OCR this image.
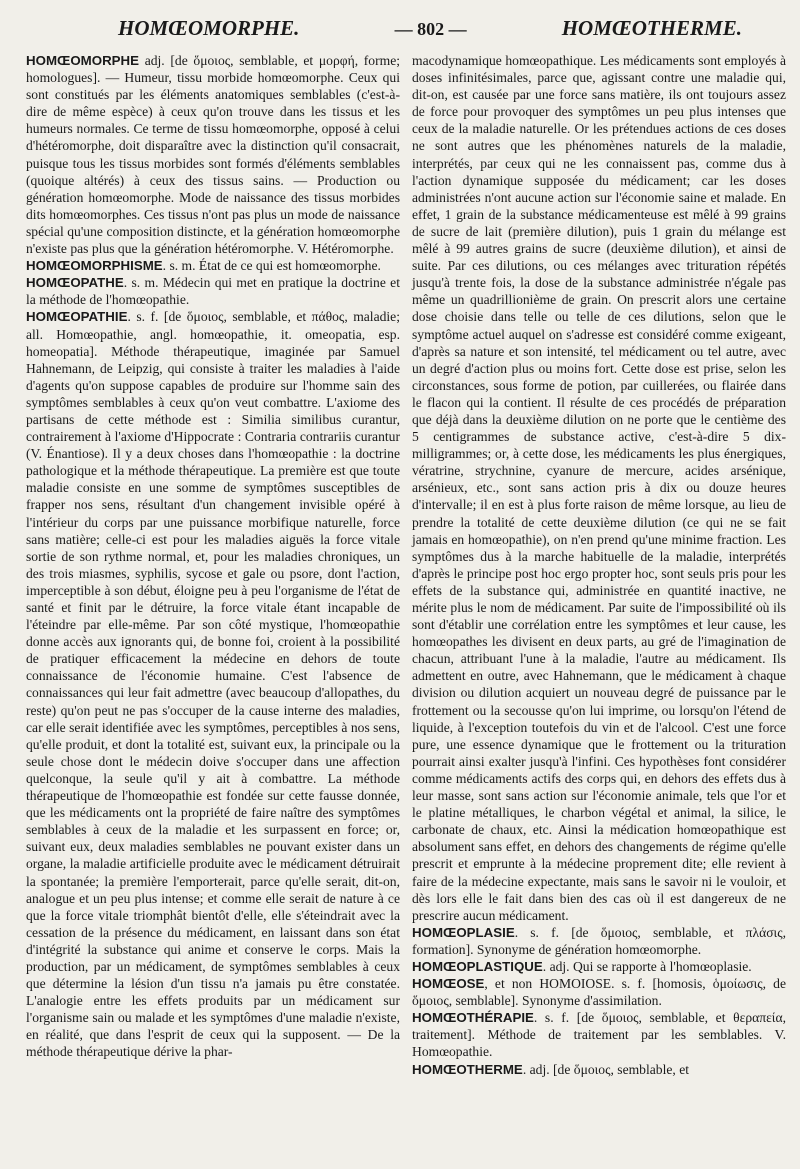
HOMŒOMORPHE.	— 802 —	HOMŒOTHERME.

HOMŒOMORPHE adj. [de ὅμοιος, semblable, et μορφή, forme; homologues]. — Humeur, tissu morbide homœomorphe. Ceux qui sont constitués par les éléments anatomiques semblables (c'est-à-dire de même espèce) à ceux qu'on trouve dans les tissus et les humeurs normales. Ce terme de tissu homœomorphe, opposé à celui d'hétéromorphe, doit disparaître avec la distinction qu'il consacrait, puisque tous les tissus morbides sont formés d'éléments semblables (quoique altérés) à ceux des tissus sains. — Production ou génération homœomorphe. Mode de naissance des tissus morbides dits homœomorphes. Ces tissus n'ont pas plus un mode de naissance spécial qu'une composition distincte, et la génération homœomorphe n'existe pas plus que la génération hétéromorphe. V. Hétéromorphe.

HOMŒOMORPHISME. s. m. État de ce qui est homœomorphe.

HOMŒOPATHE. s. m. Médecin qui met en pratique la doctrine et la méthode de l'homœopathie.

HOMŒOPATHIE. s. f. [de ὅμοιος, semblable, et πάθος, maladie; all. Homœopathie, angl. homœopathie, it. omeopatia, esp. homeopatia]. Méthode thérapeutique, imaginée par Samuel Hahnemann, de Leipzig, qui consiste à traiter les maladies à l'aide d'agents qu'on suppose capables de produire sur l'homme sain des symptômes semblables à ceux qu'on veut combattre. L'axiome des partisans de cette méthode est : Similia similibus curantur, contrairement à l'axiome d'Hippocrate : Contraria contrariis curantur (V. Énantiose). Il y a deux choses dans l'homœopathie : la doctrine pathologique et la méthode thérapeutique. La première est que toute maladie consiste en une somme de symptômes susceptibles de frapper nos sens, résultant d'un changement invisible opéré à l'intérieur du corps par une puissance morbifique naturelle, force sans matière; celle-ci est pour les maladies aiguës la force vitale sortie de son rythme normal, et, pour les maladies chroniques, un des trois miasmes, syphilis, sycose et gale ou psore, dont l'action, imperceptible à son début, éloigne peu à peu l'organisme de l'état de santé et finit par le détruire, la force vitale étant incapable de l'éteindre par elle-même. Par son côté mystique, l'homœopathie donne accès aux ignorants qui, de bonne foi, croient à la possibilité de pratiquer efficacement la médecine en dehors de toute connaissance de l'économie humaine. C'est l'absence de connaissances qui leur fait admettre (avec beaucoup d'allopathes, du reste) qu'on peut ne pas s'occuper de la cause interne des maladies, car elle serait identifiée avec les symptômes, perceptibles à nos sens, qu'elle produit, et dont la totalité est, suivant eux, la principale ou la seule chose dont le médecin doive s'occuper dans une affection quelconque, la seule qu'il y ait à combattre. La méthode thérapeutique de l'homœopathie est fondée sur cette fausse donnée, que les médicaments ont la propriété de faire naître des symptômes semblables à ceux de la maladie et les surpassent en force; or, suivant eux, deux maladies semblables ne pouvant exister dans un organe, la maladie artificielle produite avec le médicament détruirait la spontanée; la première l'emporterait, parce qu'elle serait, dit-on, analogue et un peu plus intense; et comme elle serait de nature à ce que la force vitale triomphât bientôt d'elle, elle s'éteindrait avec la cessation de la présence du médicament, en laissant dans son état d'intégrité la substance qui anime et conserve le corps. Mais la production, par un médicament, de symptômes semblables à ceux que détermine la lésion d'un tissu n'a jamais pu être constatée. L'analogie entre les effets produits par un médicament sur l'organisme sain ou malade et les symptômes d'une maladie n'existe, en réalité, que dans l'esprit de ceux qui la supposent. — De la méthode thérapeutique dérive la phar-

macodynamique homœopathique. Les médicaments sont employés à doses infinitésimales, parce que, agissant contre une maladie qui, dit-on, est causée par une force sans matière, ils ont toujours assez de force pour provoquer des symptômes un peu plus intenses que ceux de la maladie naturelle. Or les prétendues actions de ces doses ne sont autres que les phénomènes naturels de la maladie, interprétés, par ceux qui ne les connaissent pas, comme dus à l'action dynamique supposée du médicament; car les doses administrées n'ont aucune action sur l'économie saine et malade. En effet, 1 grain de la substance médicamenteuse est mêlé à 99 grains de sucre de lait (première dilution), puis 1 grain du mélange est mêlé à 99 autres grains de sucre (deuxième dilution), et ainsi de suite. Par ces dilutions, ou ces mélanges avec trituration répétés jusqu'à trente fois, la dose de la substance administrée n'égale pas même un quadrillionième de grain. On prescrit alors une certaine dose choisie dans telle ou telle de ces dilutions, selon que le symptôme actuel auquel on s'adresse est considéré comme exigeant, d'après sa nature et son intensité, tel médicament ou tel autre, avec un degré d'action plus ou moins fort. Cette dose est prise, selon les circonstances, sous forme de potion, par cuillerées, ou flairée dans le flacon qui la contient. Il résulte de ces procédés de préparation que déjà dans la deuxième dilution on ne porte que le centième des 5 centigrammes de substance active, c'est-à-dire 5 dix-milligrammes; or, à cette dose, les médicaments les plus énergiques, vératrine, strychnine, cyanure de mercure, acides arsénique, arsénieux, etc., sont sans action pris à dix ou douze heures d'intervalle; il en est à plus forte raison de même lorsque, au lieu de prendre la totalité de cette deuxième dilution (ce qui ne se fait jamais en homœopathie), on n'en prend qu'une minime fraction. Les symptômes dus à la marche habituelle de la maladie, interprétés d'après le principe post hoc ergo propter hoc, sont seuls pris pour les effets de la substance qui, administrée en quantité inactive, ne mérite plus le nom de médicament. Par suite de l'impossibilité où ils sont d'établir une corrélation entre les symptômes et leur cause, les homœopathes les divisent en deux parts, au gré de l'imagination de chacun, attribuant l'une à la maladie, l'autre au médicament. Ils admettent en outre, avec Hahnemann, que le médicament à chaque division ou dilution acquiert un nouveau degré de puissance par le frottement ou la secousse qu'on lui imprime, ou lorsqu'on l'étend de liquide, à l'exception toutefois du vin et de l'alcool. C'est une force pure, une essence dynamique que le frottement ou la trituration pourrait ainsi exalter jusqu'à l'infini. Ces hypothèses font considérer comme médicaments actifs des corps qui, en dehors des effets dus à leur masse, sont sans action sur l'économie animale, tels que l'or et le platine métalliques, le charbon végétal et animal, la silice, le carbonate de chaux, etc. Ainsi la médication homœopathique est absolument sans effet, en dehors des changements de régime qu'elle prescrit et emprunte à la médecine proprement dite; elle revient à faire de la médecine expectante, mais sans le savoir ni le vouloir, et dès lors elle le fait dans bien des cas où il est dangereux de ne prescrire aucun médicament.

HOMŒOPLASIE. s. f. [de ὅμοιος, semblable, et πλάσις, formation]. Synonyme de génération homœomorphe.

HOMŒOPLASTIQUE. adj. Qui se rapporte à l'homœoplasie.

HOMŒOSE, et non HOMOIOSE. s. f. [homosis, ὁμοίωσις, de ὅμοιος, semblable]. Synonyme d'assimilation.

HOMŒOTHÉRAPIE. s. f. [de ὅμοιος, semblable, et θεραπεία, traitement]. Méthode de traitement par les semblables. V. Homœopathie.

HOMŒOTHERME. adj. [de ὅμοιος, semblable, et
